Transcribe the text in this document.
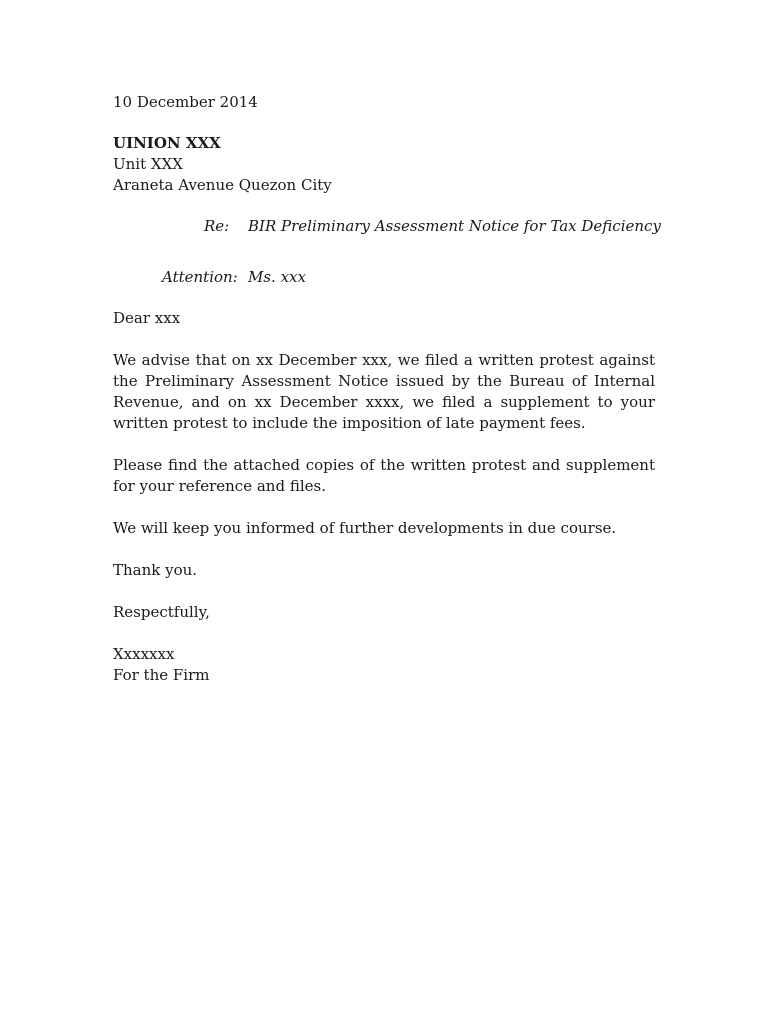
10 December 2014
UINION XXX
Unit XXX
Araneta Avenue Quezon City
Re: BIR Preliminary Assessment Notice for Tax Deficiency
Attention: Ms. xxx
Dear xxx

We advise that on xx December xxx, we filed a written protest against the Preliminary Assessment Notice issued by the Bureau of Internal Revenue, and on xx December xxxx, we filed a supplement to your written protest to include the imposition of late payment fees.

Please find the attached copies of the written protest and supplement for your reference and files.

We will keep you informed of further developments in due course.

Thank you.
Respectfully,
Xxxxxxx
For the Firm
